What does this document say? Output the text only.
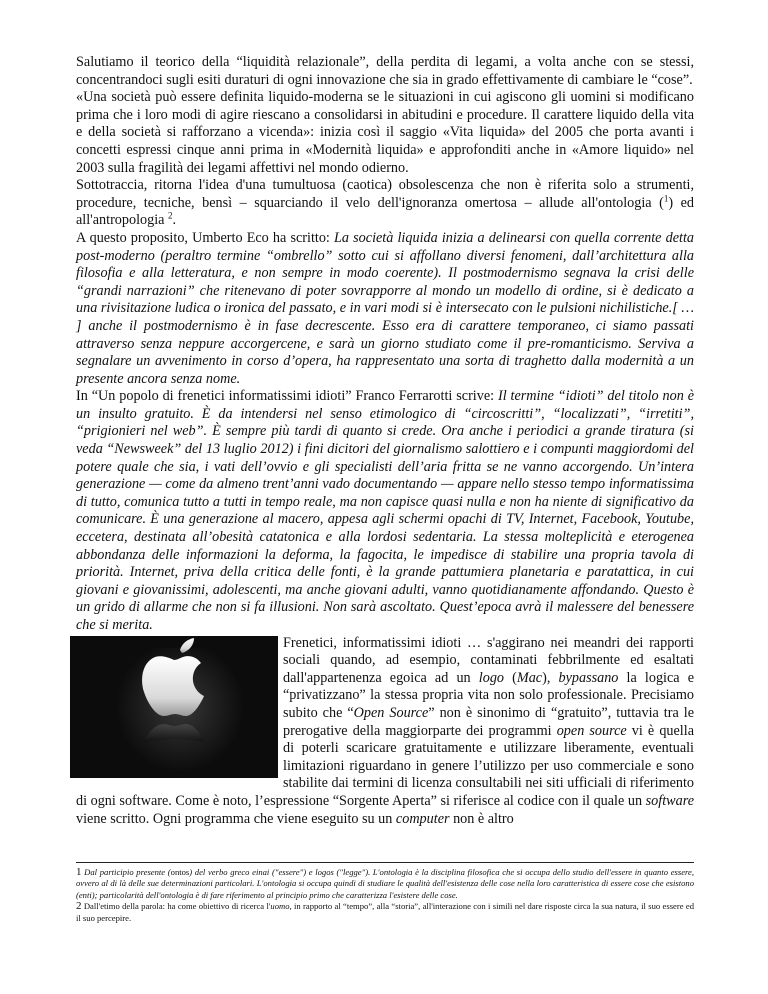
Salutiamo il teorico della “liquidità relazionale”, della perdita di legami, a volta anche con se stessi, concentrandoci sugli esiti duraturi di ogni innovazione che sia in grado effettivamente di cambiare le “cose”.

«Una società può essere definita liquido-moderna se le situazioni in cui agiscono gli uomini si modificano prima che i loro modi di agire riescano a consolidarsi in abitudini e procedure. Il carattere liquido della vita e della società si rafforzano a vicenda»: inizia così il saggio «Vita liquida» del 2005 che porta avanti i concetti espressi cinque anni prima in «Modernità liquida» e approfonditi anche in «Amore liquido» nel 2003 sulla fragilità dei legami affettivi nel mondo odierno.

Sottotraccia, ritorna l'idea d'una tumultuosa (caotica) obsolescenza che non è riferita solo a strumenti, procedure, tecniche, bensì – squarciando il velo dell'ignoranza omertosa – allude all'ontologia ($^1$) ed all'antropologia $^2$.

A questo proposito, Umberto Eco ha scritto: La società liquida inizia a delinearsi con quella corrente detta post-moderno (peraltro termine “ombrello” sotto cui si affollano diversi fenomeni, dall’architettura alla filosofia e alla letteratura, e non sempre in modo coerente). Il postmodernismo segnava la crisi delle “grandi narrazioni” che ritenevano di poter sovrapporre al mondo un modello di ordine, si è dedicato a una rivisitazione ludica o ironica del passato, e in vari modi si è intersecato con le pulsioni nichilistiche.[ … ] anche il postmodernismo è in fase decrescente. Esso era di carattere temporaneo, ci siamo passati attraverso senza neppure accorgercene, e sarà un giorno studiato come il pre-romanticismo. Serviva a segnalare un avvenimento in corso d’opera, ha rappresentato una sorta di traghetto dalla modernità a un presente ancora senza nome.

In “Un popolo di frenetici informatissimi idioti” Franco Ferrarotti scrive: Il termine “idioti” del titolo non è un insulto gratuito. È da intendersi nel senso etimologico di “circoscritti”, “localizzati”, “irretiti”, “prigionieri nel web”. È sempre più tardi di quanto si crede. Ora anche i periodici a grande tiratura (si veda “Newsweek” del 13 luglio 2012) i fini dicitori del giornalismo salottiero e i compunti maggiordomi del potere quale che sia, i vati dell’ovvio e gli specialisti dell’aria fritta se ne vanno accorgendo. Un’intera generazione — come da almeno trent’anni vado documentando — appare nello stesso tempo informatissima di tutto, comunica tutto a tutti in tempo reale, ma non capisce quasi nulla e non ha niente di significativo da comunicare. È una generazione al macero, appesa agli schermi opachi di TV, Internet, Facebook, Youtube, eccetera, destinata all’obesità catatonica e alla lordosi sedentaria. La stessa molteplicità e eterogenea abbondanza delle informazioni la deforma, la fagocita, le impedisce di stabilire una propria tavola di priorità. Internet, priva della critica delle fonti, è la grande pattumiera planetaria e paratattica, in cui giovani e giovanissimi, adolescenti, ma anche giovani adulti, vanno quotidianamente affondando. Questo è un grido di allarme che non si fa illusioni. Non sarà ascoltato. Quest’epoca avrà il malessere del benessere che si merita.

Frenetici, informatissimi idioti … s'aggirano nei meandri dei rapporti sociali quando, ad esempio, contaminati febbrilmente ed esaltati dall'appartenenza egoica ad un logo (Mac), bypassano la logica e “privatizzano” la stessa propria vita non solo professionale. Precisiamo subito che “Open Source” non è sinonimo di “gratuito”, tuttavia tra le prerogative della maggiorparte dei programmi open source vi è quella di poterli scaricare gratuitamente e utilizzare liberamente, eventuali limitazioni riguardano in genere l’utilizzo per uso commerciale e sono stabilite dai termini di licenza consultabili nei siti ufficiali di riferimento di ogni software. Come è noto, l’espressione “Sorgente Aperta” si riferisce al codice con il quale un software viene scritto. Ogni programma che viene eseguito su un computer non è altro

1 Dal participio presente (ontos) del verbo greco einai ("essere") e logos ("legge"). L'ontologia è la disciplina filosofica che si occupa dello studio dell'essere in quanto essere, ovvero al di là delle sue determinazioni particolari. L'ontologia si occupa quindi di studiare le qualità dell'esistenza delle cose nella loro caratteristica di essere cose che esistono (enti); particolarità dell'ontologia è di fare riferimento al principio primo che caratterizza l'esistere delle cose.

2 Dall'etimo della parola: ha come obiettivo di ricerca l'uomo, in rapporto al “tempo”, alla “storia”, all'interazione con i simili nel dare risposte circa la sua natura, il suo essere ed il suo percepire.
